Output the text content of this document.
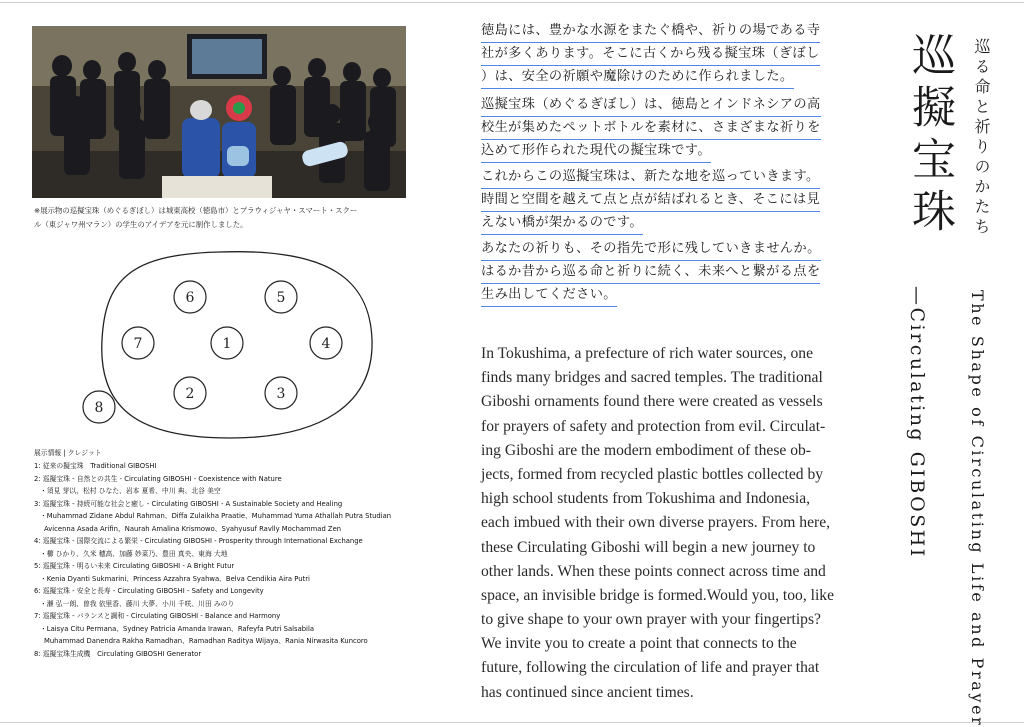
※展示物の巡擬宝珠（めぐるぎぼし）は城東高校（徳島市）とプラウィジャヤ・スマート・スクー
ル（東ジャワ州マラン）の学生のアイデアを元に制作しました。
6	5
7	1	4
2	3
8
展示情報 | クレジット
1: 従来の擬宝珠　Traditional GIBOSHI
2: 巡擬宝珠 - 自然との共生 - Circulating GIBOSHI - Coexistence with Nature
・須見 芽以、松村 ひなた、岩本 夏希、中川 典、北谷 美空
3: 巡擬宝珠 - 持続可能な社会と癒し - Circulating GIBOSHI - A Sustainable Society and Healing
・Muhammad Zidane Abdul Rahman、Diffa Zulaikha Praatie、Muhammad Yuma Athallah Putra Studian
Avicenna Asada Arifin、Naurah Amalina Krismowo、Syahyusuf Ravlly Mochammad Zen
4: 巡擬宝珠 - 国際交流による繁栄 - Circulating GIBOSHI - Prosperity through International Exchange
・櫛 ひかり、久米 穂高、加藤 妙菜乃、豊田 真央、東海 大地
5: 巡擬宝珠 - 明るい未来 Circulating GIBOSHI - A Bright Futur
・Kenia Dyanti Sukmarini、Princess Azzahra Syahwa、Belva Cendikia Aira Putri
6: 巡擬宝珠 - 安全と長寿 - Circulating GIBOSHI - Safety and Longevity
・瀬 弘一朗、曽我 依里香、藤川 大夢、小川 千咲、川田 みのり
7: 巡擬宝珠 - バランスと調和 - Circulating GIBOSHI - Balance and Harmony
・Laisya Citu Permana、Sydney Patricia Amanda Irawan、Rafeyfa Putri Salsabila
Muhammad Danendra Rakha Ramadhan、Ramadhan Raditya Wijaya、Rania Nirwasita Kuncoro
8: 巡擬宝珠生成機　Circulating GIBOSHI Generator
徳島には、豊かな水源をまたぐ橋や、祈りの場である寺
社が多くあります。そこに古くから残る擬宝珠（ぎぼし
）は、安全の祈願や魔除けのために作られました。
巡擬宝珠（めぐるぎぼし）は、徳島とインドネシアの高
校生が集めたペットボトルを素材に、さまざまな祈りを
込めて形作られた現代の擬宝珠です。
これからこの巡擬宝珠は、新たな地を巡っていきます。
時間と空間を越えて点と点が結ばれるとき、そこには見
えない橋が架かるのです。
あなたの祈りも、その指先で形に残していきませんか。
はるか昔から巡る命と祈りに続く、未来へと繋がる点を
生み出してください。
In Tokushima, a prefecture of rich water sources, one
finds many bridges and sacred temples. The traditional
Giboshi ornaments found there were created as vessels
for prayers of safety and protection from evil. Circulat-
ing Giboshi are the modern embodiment of these ob-
jects, formed from recycled plastic bottles collected by
high school students from Tokushima and Indonesia,
each imbued with their own diverse prayers. From here,
these Circulating Giboshi will begin a new journey to
other lands. When these points connect across time and
space, an invisible bridge is formed.Would you, too, like
to give shape to your own prayer with your fingertips?
We invite you to create a point that connects to the
future, following the circulation of life and prayer that
has continued since ancient times.
巡擬宝珠
—Circulating GIBOSHI
巡る命と祈りのかたち
The Shape of Circulating Life and Prayer
